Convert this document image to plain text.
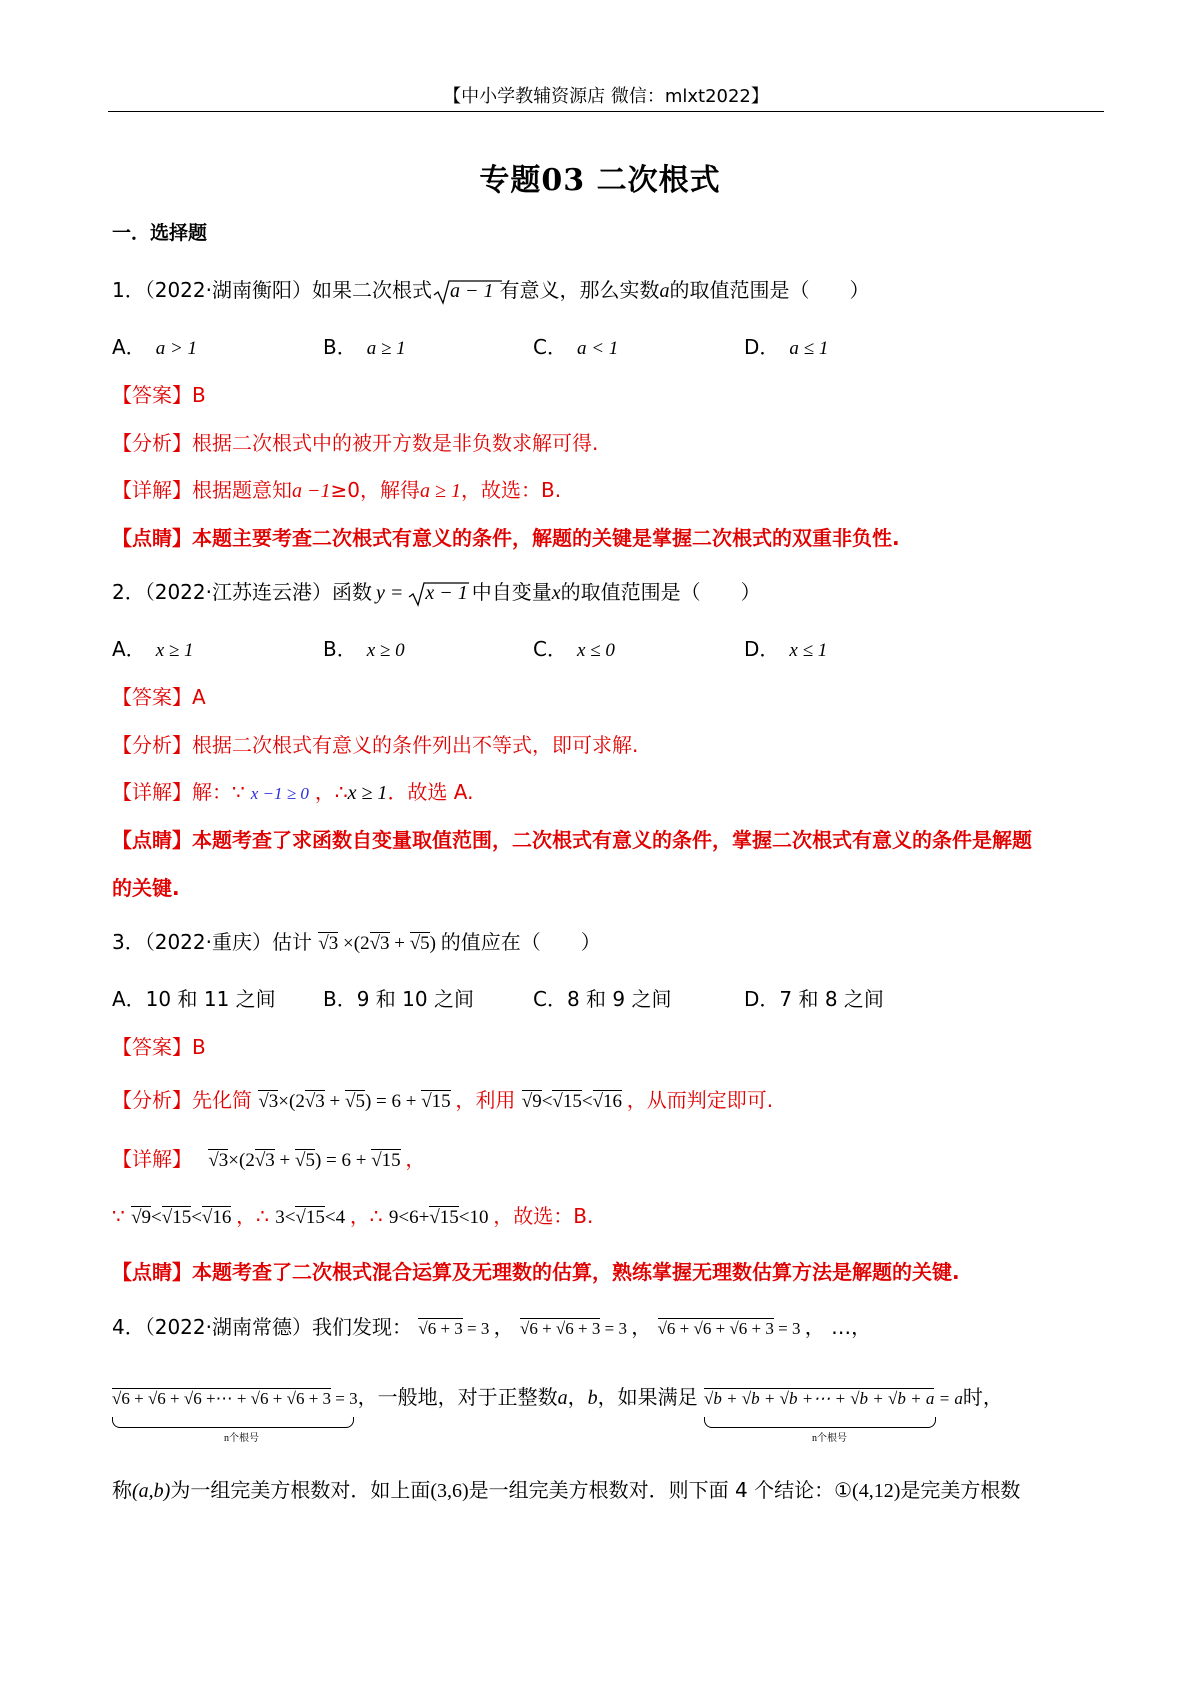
【中小学教辅资源店 微信：mlxt2022】
专题03 二次根式
一．选择题
1．（2022·湖南衡阳）如果二次根式 a − 1 有意义，那么实数a的取值范围是（　　）
A． a > 1	B． a ≥ 1	C． a < 1	D． a ≤ 1
【答案】B
【分析】根据二次根式中的被开方数是非负数求解可得.
【详解】根据题意知a −1≥0，解得a ≥ 1，故选：B.
【点睛】本题主要考查二次根式有意义的条件，解题的关键是掌握二次根式的双重非负性.
2．（2022·江苏连云港）函数 y = x − 1 中自变量x的取值范围是（　　）
A． x ≥ 1	B． x ≥ 0	C． x ≤ 0	D． x ≤ 1
【答案】A
【分析】根据二次根式有意义的条件列出不等式，即可求解.
【详解】解：∵ x −1 ≥ 0 ，∴x ≥ 1．故选 A.
【点睛】本题考查了求函数自变量取值范围，二次根式有意义的条件，掌握二次根式有意义的条件是解题
的关键.
3．（2022·重庆）估计 √3 ×(2√3 + √5) 的值应在（　　）
A．10 和 11 之间 B．9 和 10 之间	C．8 和 9 之间	D．7 和 8 之间
【答案】B
【分析】先化简 √3×(2√3 + √5) = 6 + √15 ，利用 √9<√15<√16 ，从而判定即可.
【详解】 √3×(2√3 + √5) = 6 + √15 ，
∵ √9<√15<√16 ，∴ 3<√15<4 ，∴ 9<6+√15<10 ，故选：B.
【点睛】本题考查了二次根式混合运算及无理数的估算，熟练掌握无理数估算方法是解题的关键.
4．（2022·湖南常德）我们发现： √6 + 3 = 3 ， √6 + √6 + 3 = 3 ， √6 + √6 + √6 + 3 = 3 ， …，
√6 + √6 + √6 +⋯ + √6 + √6 + 3 = 3
n个根号
，一般地，对于正整数a，b，如果满足 √b + √b + √b +⋯ + √b + √b + a = a
n个根号
时，
称(a,b)为一组完美方根数对．如上面(3,6)是一组完美方根数对．则下面 4 个结论：①(4,12)是完美方根数
